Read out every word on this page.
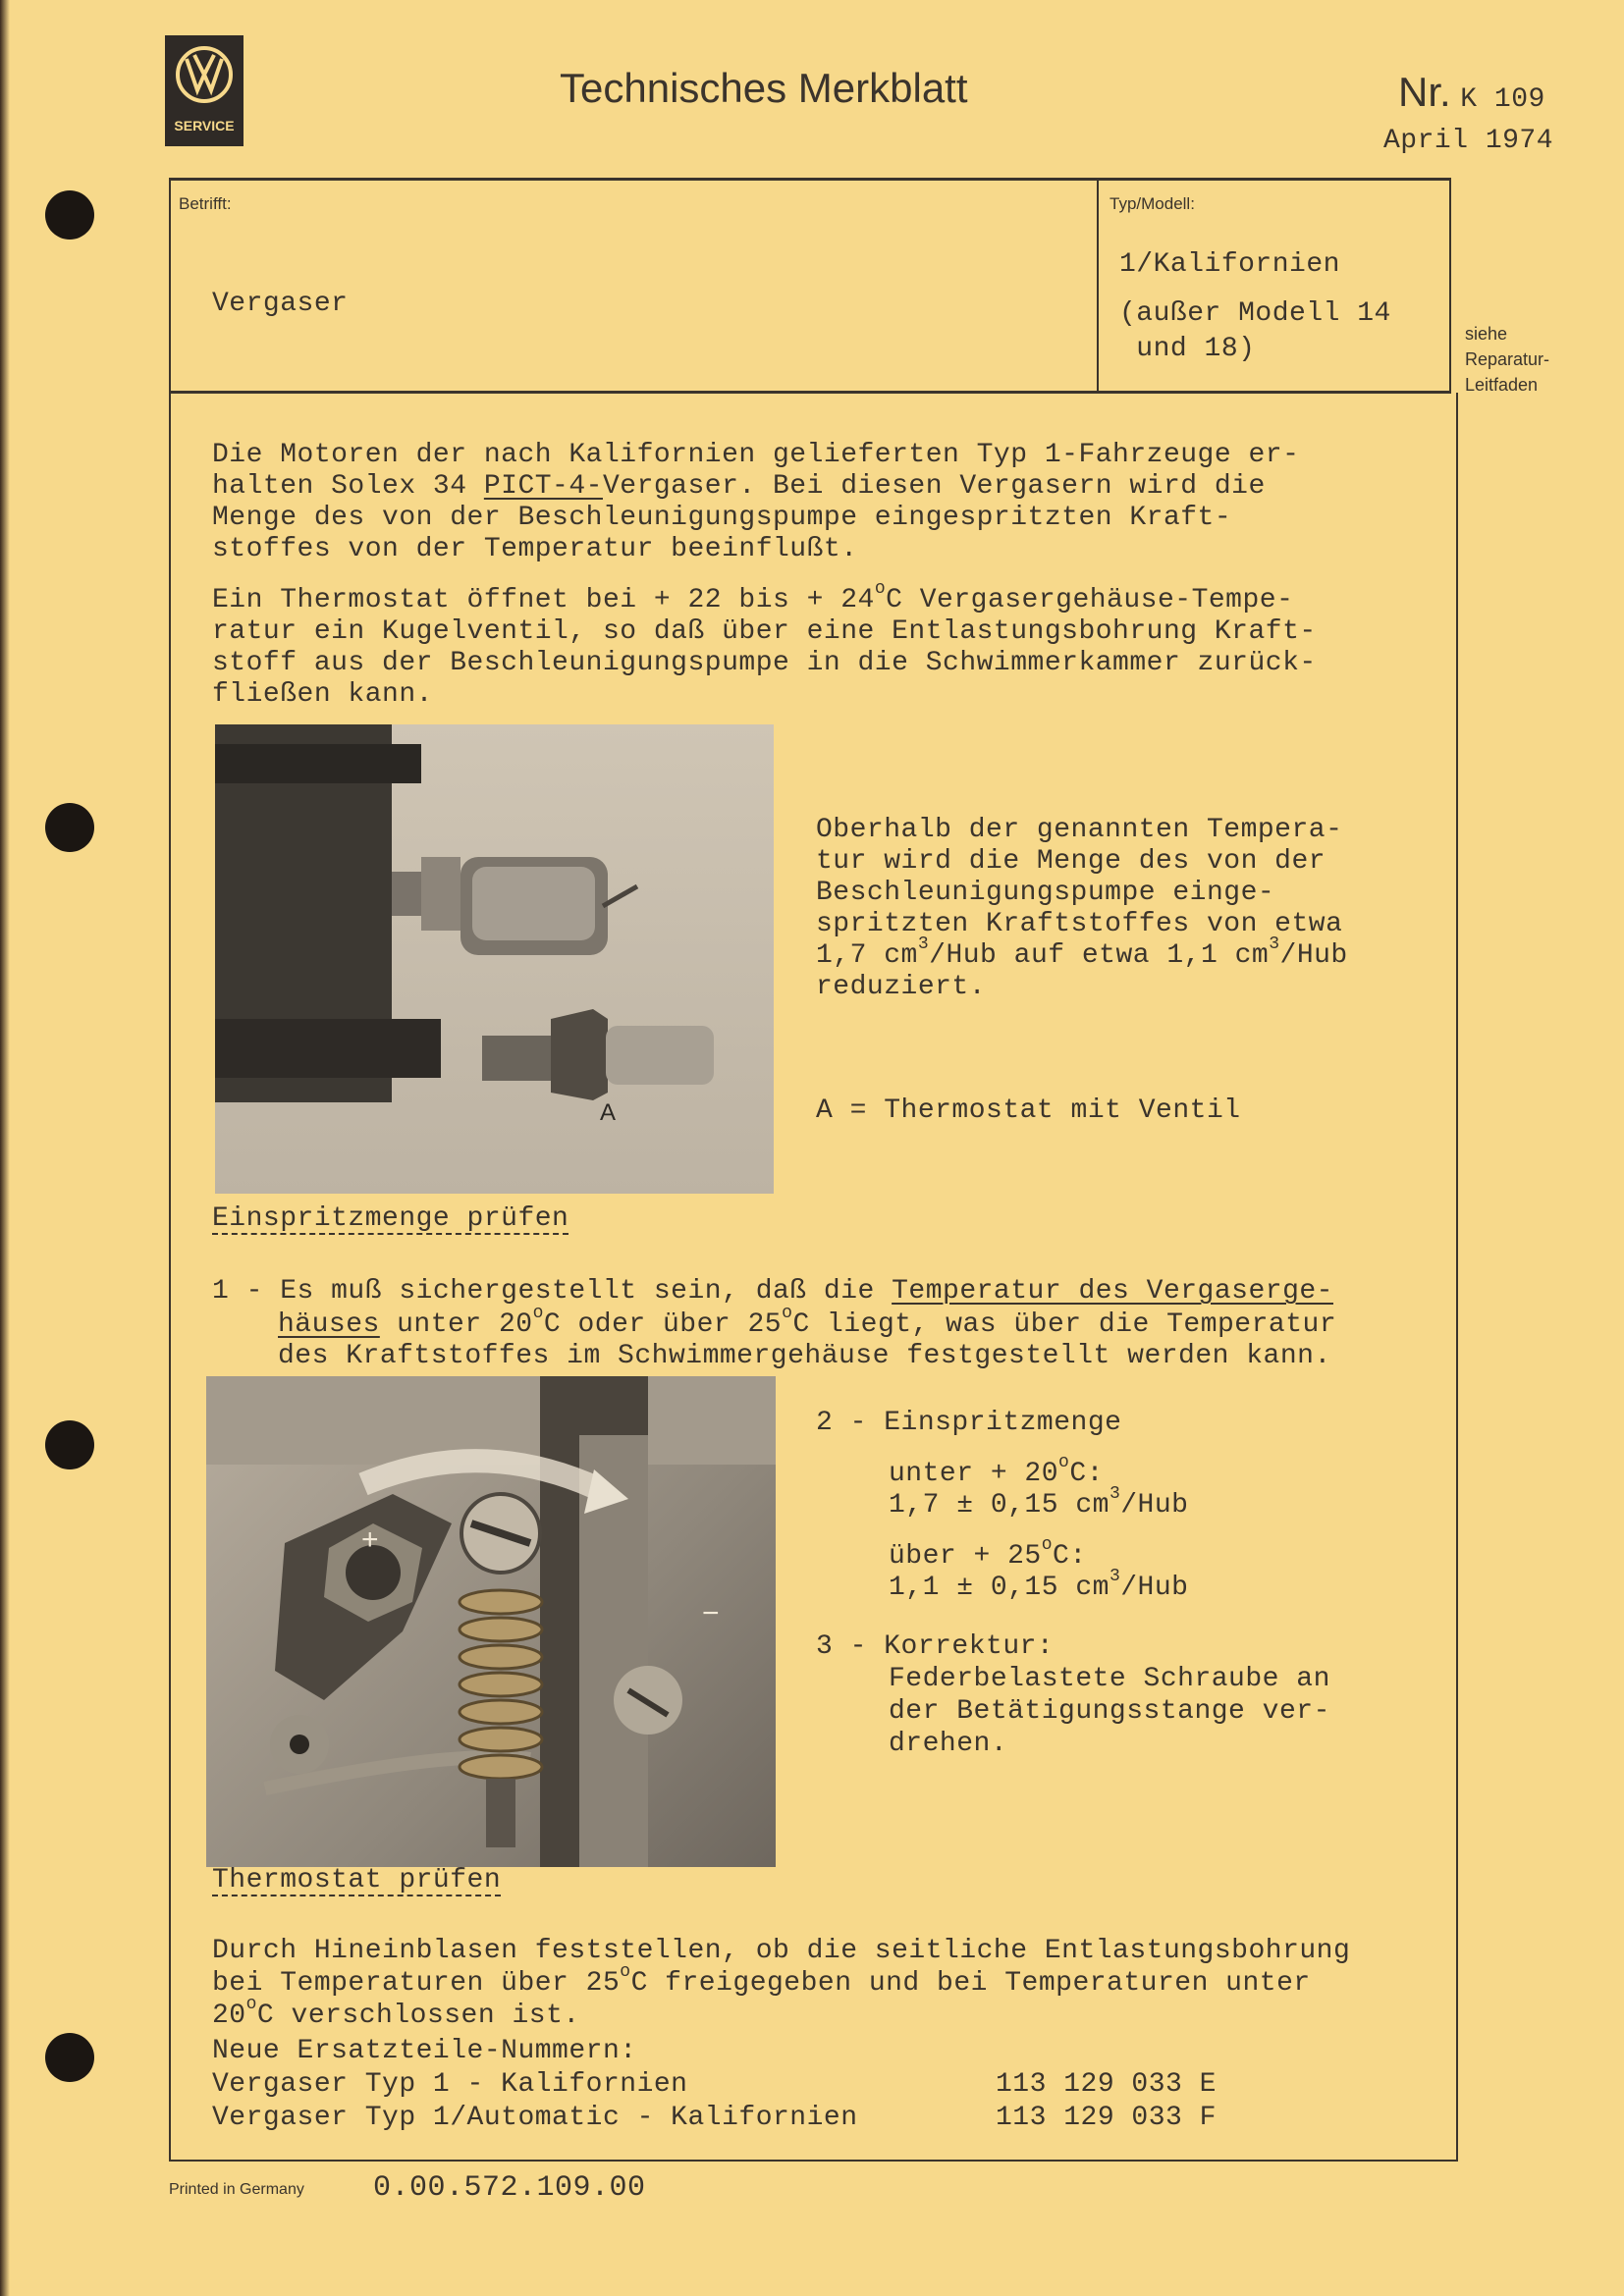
SERVICE
Technisches Merkblatt	Nr. K 109
April 1974
Betrifft:
Vergaser
Typ/Modell:
1/Kalifornien
(außer Modell 14
und 18)	siehe
Reparatur-
Leitfaden
Die Motoren der nach Kalifornien gelieferten Typ 1-Fahrzeuge er-
halten Solex 34 PICT-4-Vergaser. Bei diesen Vergasern wird die
Menge des von der Beschleunigungspumpe eingespritzten Kraft-
stoffes von der Temperatur beeinflußt.
Ein Thermostat öffnet bei + 22 bis + $24^oC$ Vergasergehäuse-Tempe-
ratur ein Kugelventil, so daß über eine Entlastungsbohrung Kraft-
stoff aus der Beschleunigungspumpe in die Schwimmerkammer zurück-
fließen kann.
A
Oberhalb der genannten Tempera-
tur wird die Menge des von der
Beschleunigungspumpe einge-
spritzten Kraftstoffes von etwa
1,7 $cm^3$/Hub auf etwa 1,1 $cm^3$/Hub
reduziert.
A = Thermostat mit Ventil
Einspritzmenge prüfen
1 - Es muß sichergestellt sein, daß die Temperatur des Vergaserge-
häuses unter 20$^o$C oder über 25$^o$C liegt, was über die Temperatur
des Kraftstoffes im Schwimmergehäuse festgestellt werden kann.
+
−
2 - Einspritzmenge
unter + $20^oC$:
1,7 ± 0,15 $cm^3$/Hub
über + $25^oC$:
1,1 ± 0,15 $cm^3$/Hub
3 - Korrektur:
Federbelastete Schraube an
der Betätigungsstange ver-
drehen.
Thermostat prüfen
Durch Hineinblasen feststellen, ob die seitliche Entlastungsbohrung
bei Temperaturen über 25$^o$C freigegeben und bei Temperaturen unter
20$^o$C verschlossen ist.
Neue Ersatzteile-Nummern:
Vergaser Typ 1 - Kalifornien	113 129 033 E
Vergaser Typ 1/Automatic - Kalifornien	113 129 033 F
Printed in Germany 0.00.572.109.00
